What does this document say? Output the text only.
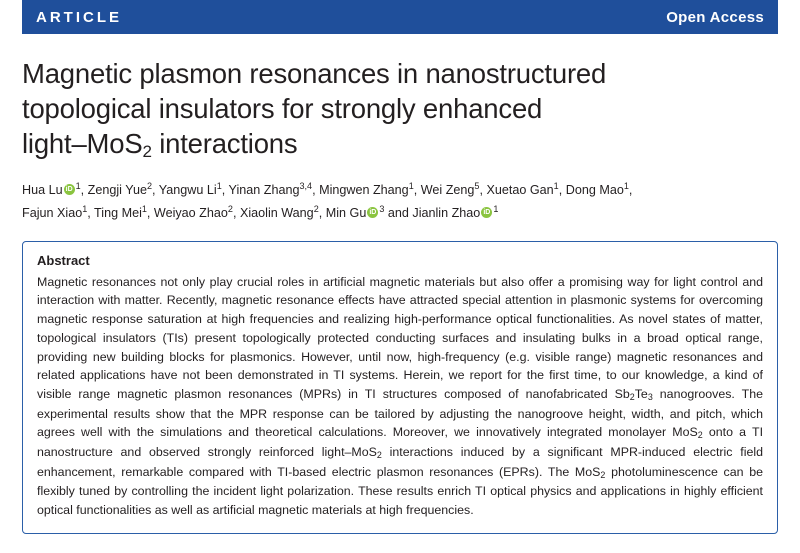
ARTICLE	Open Access
Magnetic plasmon resonances in nanostructured
topological insulators for strongly enhanced
light–MoS$_2$ interactions
Hua Lu iD $^1$, Zengji Yue$^2$, Yangwu Li$^1$, Yinan Zhang$^{3,4}$, Mingwen Zhang$^1$, Wei Zeng$^5$, Xuetao Gan$^1$, Dong Mao$^1$,
Fajun Xiao$^1$, Ting Mei$^1$, Weiyao Zhao$^2$, Xiaolin Wang$^2$, Min Gu iD $^3$ and Jianlin Zhao iD $^1$
Abstract

Magnetic resonances not only play crucial roles in artificial magnetic materials but also offer a promising way for light control and interaction with matter. Recently, magnetic resonance effects have attracted special attention in plasmonic systems for overcoming magnetic response saturation at high frequencies and realizing high-performance optical functionalities. As novel states of matter, topological insulators (TIs) present topologically protected conducting surfaces and insulating bulks in a broad optical range, providing new building blocks for plasmonics. However, until now, high-frequency (e.g. visible range) magnetic resonances and related applications have not been demonstrated in TI systems. Herein, we report for the first time, to our knowledge, a kind of visible range magnetic plasmon resonances (MPRs) in TI structures composed of nanofabricated $Sb_2Te_3$ nanogrooves. The experimental results show that the MPR response can be tailored by adjusting the nanogroove height, width, and pitch, which agrees well with the simulations and theoretical calculations. Moreover, we innovatively integrated monolayer MoS$_2$ onto a TI nanostructure and observed strongly reinforced light–MoS$_2$ interactions induced by a significant MPR-induced electric field enhancement, remarkable compared with TI-based electric plasmon resonances (EPRs). The MoS$_2$ photoluminescence can be flexibly tuned by controlling the incident light polarization. These results enrich TI optical physics and applications in highly efficient optical functionalities as well as artificial magnetic materials at high frequencies.
